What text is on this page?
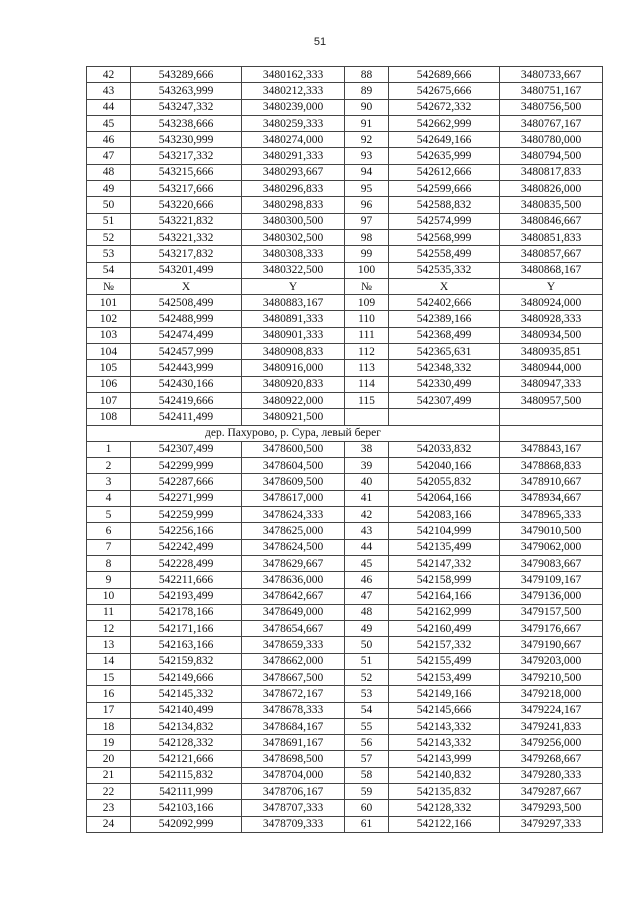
51
42	543289,666	3480162,333	88	542689,666	3480733,667
43	543263,999	3480212,333	89	542675,666	3480751,167
44	543247,332	3480239,000	90	542672,332	3480756,500
45	543238,666	3480259,333	91	542662,999	3480767,167
46	543230,999	3480274,000	92	542649,166	3480780,000
47	543217,332	3480291,333	93	542635,999	3480794,500
48	543215,666	3480293,667	94	542612,666	3480817,833
49	543217,666	3480296,833	95	542599,666	3480826,000
50	543220,666	3480298,833	96	542588,832	3480835,500
51	543221,832	3480300,500	97	542574,999	3480846,667
52	543221,332	3480302,500	98	542568,999	3480851,833
53	543217,832	3480308,333	99	542558,499	3480857,667
54	543201,499	3480322,500	100	542535,332	3480868,167
№	X	Y	№	X	Y
101	542508,499	3480883,167	109	542402,666	3480924,000
102	542488,999	3480891,333	110	542389,166	3480928,333
103	542474,499	3480901,333	111	542368,499	3480934,500
104	542457,999	3480908,833	112	542365,631	3480935,851
105	542443,999	3480916,000	113	542348,332	3480944,000
106	542430,166	3480920,833	114	542330,499	3480947,333
107	542419,666	3480922,000	115	542307,499	3480957,500
108	542411,499	3480921,500			
дер. Пахурово, р. Сура, левый берег					
1	542307,499	3478600,500	38	542033,832	3478843,167
2	542299,999	3478604,500	39	542040,166	3478868,833
3	542287,666	3478609,500	40	542055,832	3478910,667
4	542271,999	3478617,000	41	542064,166	3478934,667
5	542259,999	3478624,333	42	542083,166	3478965,333
6	542256,166	3478625,000	43	542104,999	3479010,500
7	542242,499	3478624,500	44	542135,499	3479062,000
8	542228,499	3478629,667	45	542147,332	3479083,667
9	542211,666	3478636,000	46	542158,999	3479109,167
10	542193,499	3478642,667	47	542164,166	3479136,000
11	542178,166	3478649,000	48	542162,999	3479157,500
12	542171,166	3478654,667	49	542160,499	3479176,667
13	542163,166	3478659,333	50	542157,332	3479190,667
14	542159,832	3478662,000	51	542155,499	3479203,000
15	542149,666	3478667,500	52	542153,499	3479210,500
16	542145,332	3478672,167	53	542149,166	3479218,000
17	542140,499	3478678,333	54	542145,666	3479224,167
18	542134,832	3478684,167	55	542143,332	3479241,833
19	542128,332	3478691,167	56	542143,332	3479256,000
20	542121,666	3478698,500	57	542143,999	3479268,667
21	542115,832	3478704,000	58	542140,832	3479280,333
22	542111,999	3478706,167	59	542135,832	3479287,667
23	542103,166	3478707,333	60	542128,332	3479293,500
24	542092,999	3478709,333	61	542122,166	3479297,333
